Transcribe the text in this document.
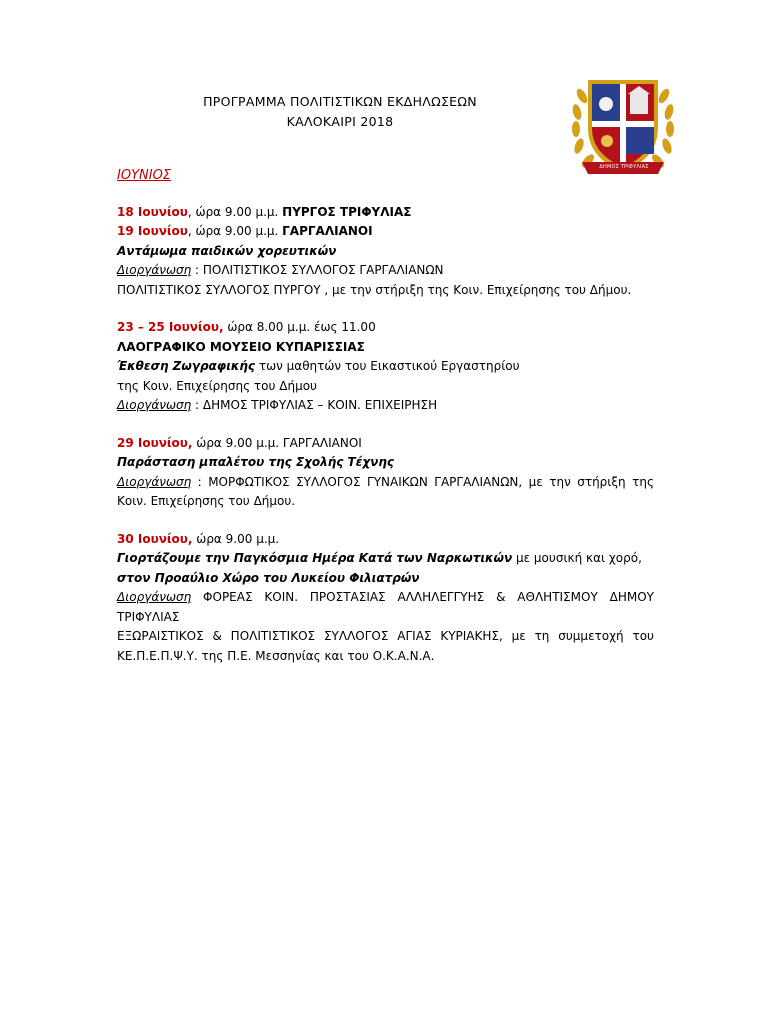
ΠΡΟΓΡΑΜΜΑ ΠΟΛΙΤΙΣΤΙΚΩΝ ΕΚΔΗΛΩΣΕΩΝ
ΚΑΛΟΚΑΙΡΙ 2018
ΔΗΜΟΣ ΤΡΙΦΥΛΙΑΣ
ΙΟΥΝΙΟΣ
18 Ιουνίου, ώρα 9.00 μ.μ. ΠΥΡΓΟΣ ΤΡΙΦΥΛΙΑΣ
19 Ιουνίου, ώρα 9.00 μ.μ. ΓΑΡΓΑΛΙΑΝΟΙ
Αντάμωμα παιδικών χορευτικών
Διοργάνωση : ΠΟΛΙΤΙΣΤΙΚΟΣ ΣΥΛΛΟΓΟΣ ΓΑΡΓΑΛΙΑΝΩΝ
ΠΟΛΙΤΙΣΤΙΚΟΣ ΣΥΛΛΟΓΟΣ ΠΥΡΓΟΥ , με την στήριξη της Κοιν. Επιχείρησης του Δήμου.
23 – 25 Ιουνίου, ώρα 8.00 μ.μ. έως 11.00
ΛΑΟΓΡΑΦΙΚΟ ΜΟΥΣΕΙΟ ΚΥΠΑΡΙΣΣΙΑΣ
Έκθεση Ζωγραφικής των μαθητών του Εικαστικού Εργαστηρίου
της Κοιν. Επιχείρησης του Δήμου
Διοργάνωση : ΔΗΜΟΣ ΤΡΙΦΥΛΙΑΣ – ΚΟΙΝ. ΕΠΙΧΕΙΡΗΣΗ
29 Ιουνίου, ώρα 9.00 μ.μ. ΓΑΡΓΑΛΙΑΝΟΙ
Παράσταση μπαλέτου της Σχολής Τέχνης
Διοργάνωση : ΜΟΡΦΩΤΙΚΟΣ ΣΥΛΛΟΓΟΣ ΓΥΝΑΙΚΩΝ ΓΑΡΓΑΛΙΑΝΩΝ, με την στήριξη της Κοιν. Επιχείρησης του Δήμου.
30 Ιουνίου, ώρα 9.00 μ.μ.
Γιορτάζουμε την Παγκόσμια Ημέρα Κατά των Ναρκωτικών με μουσική και χορό,
στον Προαύλιο Χώρο του Λυκείου Φιλιατρών
Διοργάνωση ΦΟΡΕΑΣ ΚΟΙΝ. ΠΡΟΣΤΑΣΙΑΣ ΑΛΛΗΛΕΓΓΥΗΣ & ΑΘΛΗΤΙΣΜΟΥ ΔΗΜΟΥ ΤΡΙΦΥΛΙΑΣ
ΕΞΩΡΑΙΣΤΙΚΟΣ & ΠΟΛΙΤΙΣΤΙΚΟΣ ΣΥΛΛΟΓΟΣ ΑΓΙΑΣ ΚΥΡΙΑΚΗΣ, με τη συμμετοχή του ΚΕ.Π.Ε.Π.Ψ.Υ. της Π.Ε. Μεσσηνίας και του Ο.Κ.Α.Ν.Α.
